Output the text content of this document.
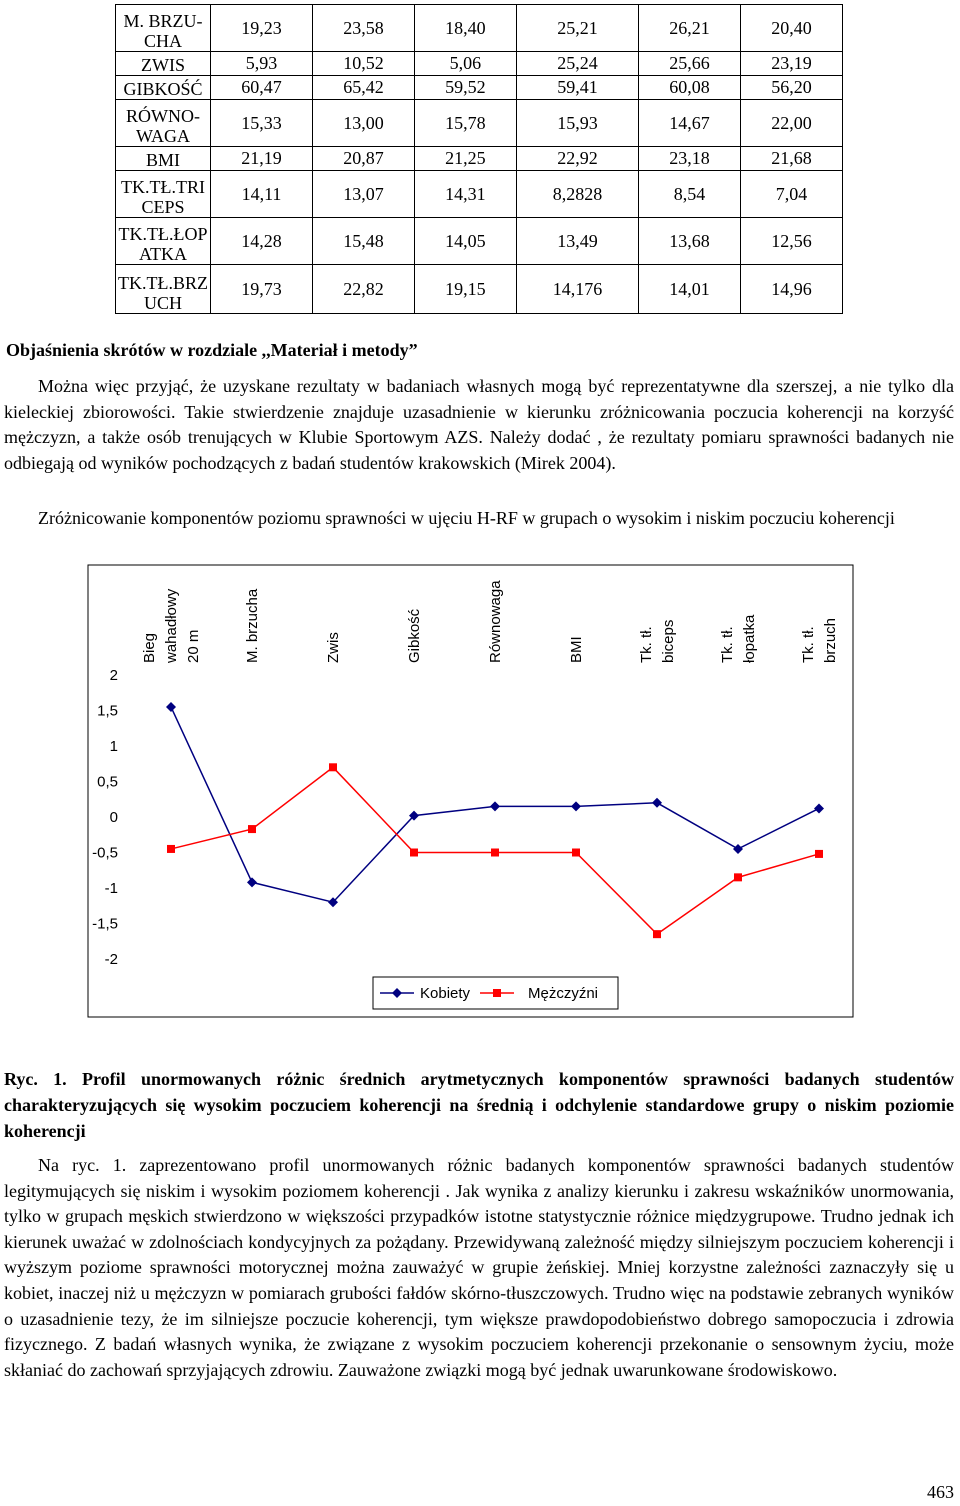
M. BRZU-
CHA	19,23	23,58	18,40	25,21	26,21	20,40
ZWIS	5,93	10,52	5,06	25,24	25,66	23,19
GIBKOŚĆ	60,47	65,42	59,52	59,41	60,08	56,20
RÓWNO-
WAGA	15,33	13,00	15,78	15,93	14,67	22,00
BMI	21,19	20,87	21,25	22,92	23,18	21,68
TK.TŁ.TRI
CEPS	14,11	13,07	14,31	8,2828	8,54	7,04
TK.TŁ.ŁOP
ATKA	14,28	15,48	14,05	13,49	13,68	12,56
TK.TŁ.BRZ
UCH	19,73	22,82	19,15	14,176	14,01	14,96
Objaśnienia skrótów w rozdziale ,,Materiał i metody”

Można więc przyjąć, że uzyskane rezultaty w badaniach własnych mogą być reprezentatywne dla szerszej, a nie tylko dla kieleckiej zbiorowości. Takie stwierdzenie znajduje uzasadnienie w kierunku zróżnicowania poczucia koherencji na korzyść mężczyzn, a także osób trenujących w Klubie Sportowym AZS. Należy dodać , że rezultaty pomiaru sprawności badanych nie odbiegają od wyników pochodzących z badań studentów krakowskich (Mirek 2004).

Zróżnicowanie komponentów poziomu sprawności w ujęciu H-RF w grupach o wysokim i niskim poczuciu koherencji

2
1,5
1
0,5
0
-0,5
-1
-1,5
-2
Bieg wahadłowy 20 m	M. brzucha	Zwis	Gibkość	Równowaga	BMI	Tk. tł. biceps	Tk. tł. łopatka	Tk. tł. brzuch
Kobiety	Mężczyźni

Ryc. 1. Profil unormowanych różnic średnich arytmetycznych komponentów sprawności badanych studentów charakteryzujących się wysokim poczuciem koherencji na średnią i odchylenie standardowe grupy o niskim poziomie koherencji

Na ryc. 1. zaprezentowano profil unormowanych różnic badanych komponentów sprawności badanych studentów legitymujących się niskim i wysokim poziomem koherencji . Jak wynika z analizy kierunku i zakresu wskaźników unormowania, tylko w grupach męskich stwierdzono w większości przypadków istotne statystycznie różnice międzygrupowe. Trudno jednak ich kierunek uważać w zdolnościach kondycyjnych za pożądany. Przewidywaną zależność między silniejszym poczuciem koherencji i wyższym poziome sprawności motorycznej można zauważyć w grupie żeńskiej. Mniej korzystne zależności zaznaczyły się u kobiet, inaczej niż u mężczyzn w pomiarach grubości fałdów skórno-tłuszczowych. Trudno więc na podstawie zebranych wyników o uzasadnienie tezy, że im silniejsze poczucie koherencji, tym większe prawdopodobieństwo dobrego samopoczucia i zdrowia fizycznego. Z badań własnych wynika, że związane z wysokim poczuciem koherencji przekonanie o sensownym życiu, może skłaniać do zachowań sprzyjających zdrowiu. Zauważone związki mogą być jednak uwarunkowane środowiskowo.

463
